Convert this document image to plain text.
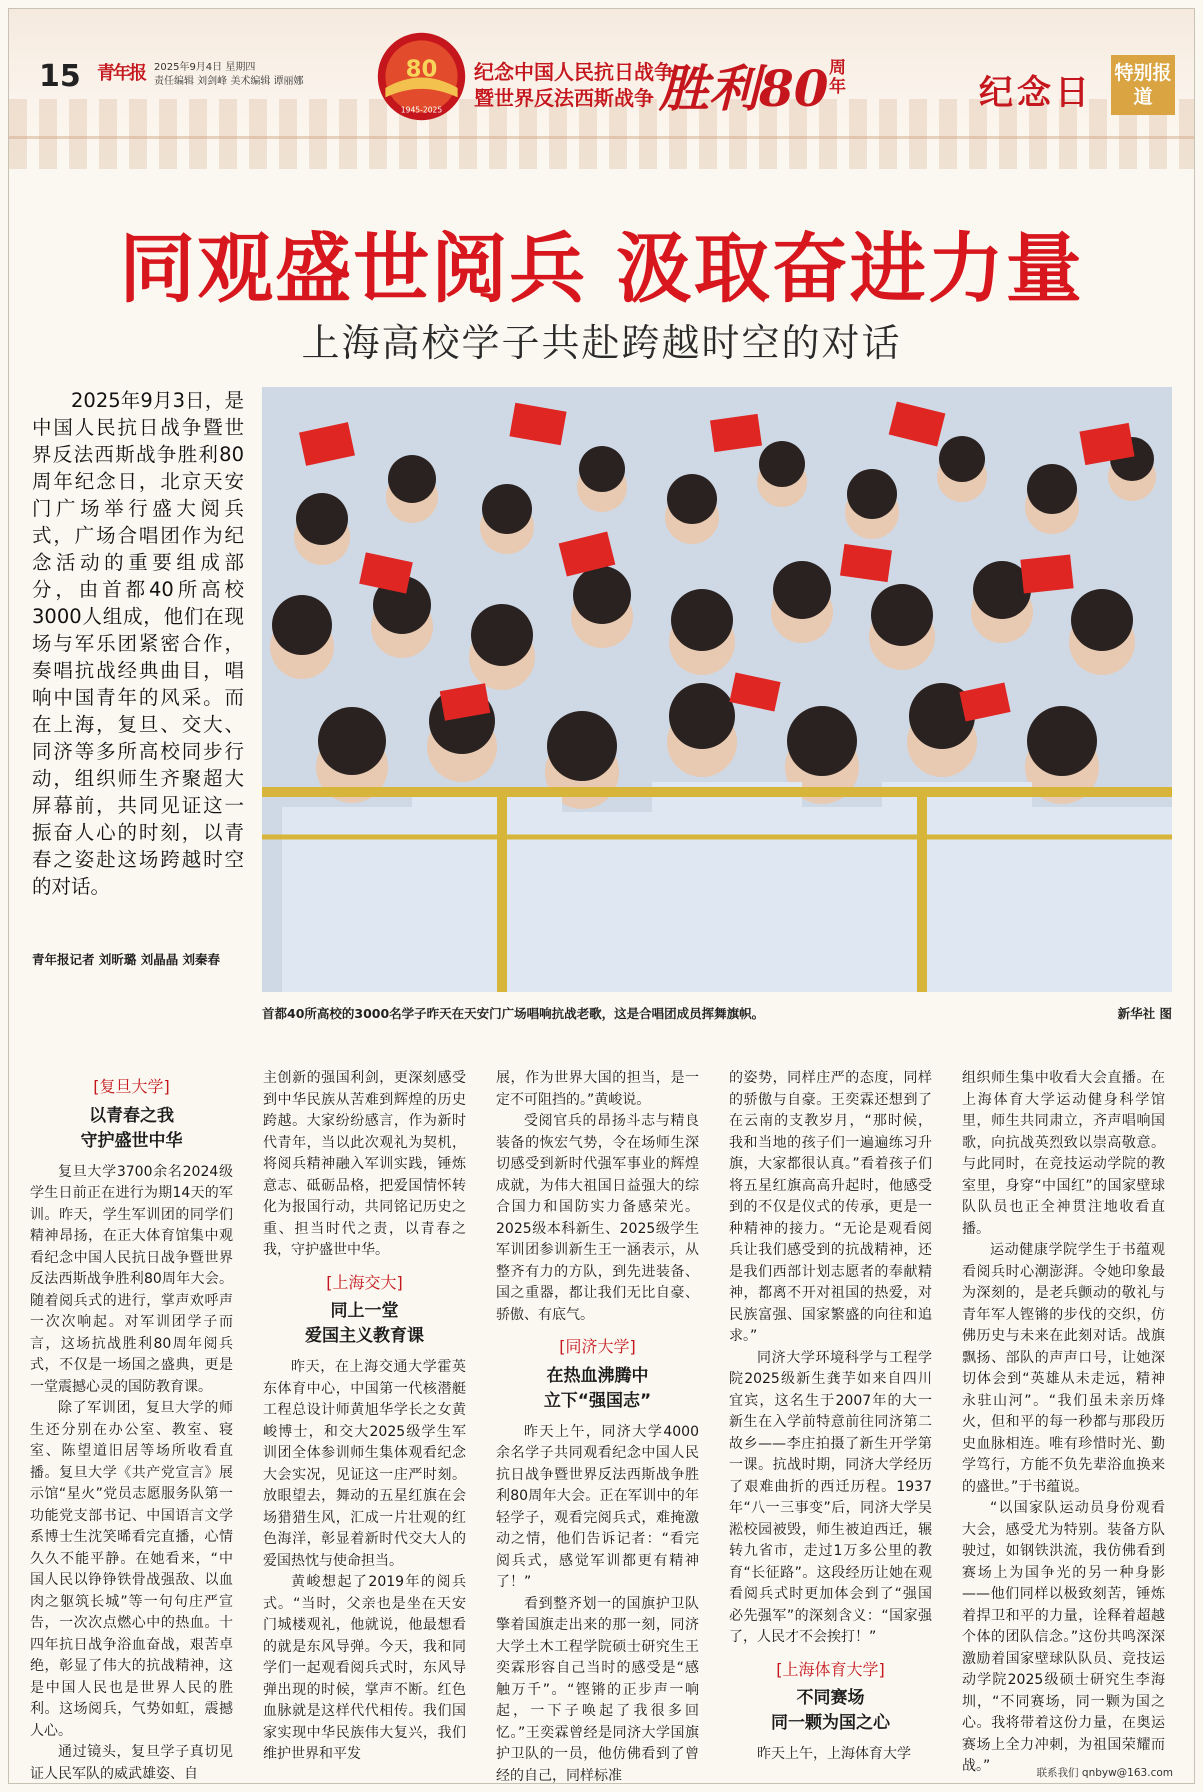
15 青年报 2025年9月4日 星期四
责任编辑 刘剑峰 美术编辑 谭丽娜	80
1945-2025
纪念中国人民抗日战争
暨世界反法西斯战争 胜利80 周年	纪念日 特别报道
同观盛世阅兵 汲取奋进力量
上海高校学子共赴跨越时空的对话

2025年9月3日，是中国人民抗日战争暨世界反法西斯战争胜利80周年纪念日，北京天安门广场举行盛大阅兵式，广场合唱团作为纪念活动的重要组成部分，由首都40所高校3000人组成，他们在现场与军乐团紧密合作，奏唱抗战经典曲目，唱响中国青年的风采。而在上海，复旦、交大、同济等多所高校同步行动，组织师生齐聚超大屏幕前，共同见证这一振奋人心的时刻，以青春之姿赴这场跨越时空的对话。

青年报记者 刘昕璐 刘晶晶 刘秦春
首都40所高校的3000名学子昨天在天安门广场唱响抗战老歌，这是合唱团成员挥舞旗帜。	新华社 图
[复旦大学]
以青春之我
守护盛世中华

复旦大学3700余名2024级学生日前正在进行为期14天的军训。昨天，学生军训团的同学们精神昂扬，在正大体育馆集中观看纪念中国人民抗日战争暨世界反法西斯战争胜利80周年大会。随着阅兵式的进行，掌声欢呼声一次次响起。对军训团学子而言，这场抗战胜利80周年阅兵式，不仅是一场国之盛典，更是一堂震撼心灵的国防教育课。

除了军训团，复旦大学的师生还分别在办公室、教室、寝室、陈望道旧居等场所收看直播。复旦大学《共产党宣言》展示馆“星火”党员志愿服务队第一功能党支部书记、中国语言文学系博士生沈笑晞看完直播，心情久久不能平静。在她看来，“中国人民以铮铮铁骨战强敌、以血肉之躯筑长城”等一句句庄严宣告，一次次点燃心中的热血。十四年抗日战争浴血奋战，艰苦卓绝，彰显了伟大的抗战精神，这是中国人民也是世界人民的胜利。这场阅兵，气势如虹，震撼人心。

通过镜头，复旦学子真切见证人民军队的威武雄姿、自

主创新的强国利剑，更深刻感受到中华民族从苦难到辉煌的历史跨越。大家纷纷感言，作为新时代青年，当以此次观礼为契机，将阅兵精神融入军训实践，锤炼意志、砥砺品格，把爱国情怀转化为报国行动，共同铭记历史之重、担当时代之责，以青春之我，守护盛世中华。

[上海交大]
同上一堂
爱国主义教育课

昨天，在上海交通大学霍英东体育中心，中国第一代核潜艇工程总设计师黄旭华学长之女黄峻博士，和交大2025级学生军训团全体参训师生集体观看纪念大会实况，见证这一庄严时刻。放眼望去，舞动的五星红旗在会场猎猎生风，汇成一片壮观的红色海洋，彰显着新时代交大人的爱国热忱与使命担当。

黄峻想起了2019年的阅兵式。“当时，父亲也是坐在天安门城楼观礼，他就说，他最想看的就是东风导弹。今天，我和同学们一起观看阅兵式时，东风导弹出现的时候，掌声不断。红色血脉就是这样代代相传。我们国家实现中华民族伟大复兴，我们维护世界和平发

展，作为世界大国的担当，是一定不可阻挡的。”黄峻说。

受阅官兵的昂扬斗志与精良装备的恢宏气势，令在场师生深切感受到新时代强军事业的辉煌成就，为伟大祖国日益强大的综合国力和国防实力备感荣光。2025级本科新生、2025级学生军训团参训新生王一涵表示，从整齐有力的方队，到先进装备、国之重器，都让我们无比自豪、骄傲、有底气。

[同济大学]
在热血沸腾中
立下“强国志”

昨天上午，同济大学4000余名学子共同观看纪念中国人民抗日战争暨世界反法西斯战争胜利80周年大会。正在军训中的年轻学子，观看完阅兵式，难掩激动之情，他们告诉记者：“看完阅兵式，感觉军训都更有精神了！”

看到整齐划一的国旗护卫队擎着国旗走出来的那一刻，同济大学土木工程学院硕士研究生王奕霖形容自己当时的感受是“感触万千”。“铿锵的正步声一响起，一下子唤起了我很多回忆。”王奕霖曾经是同济大学国旗护卫队的一员，他仿佛看到了曾经的自己，同样标准

的姿势，同样庄严的态度，同样的骄傲与自豪。王奕霖还想到了在云南的支教岁月，“那时候，我和当地的孩子们一遍遍练习升旗，大家都很认真。”看着孩子们将五星红旗高高升起时，他感受到的不仅是仪式的传承，更是一种精神的接力。“无论是观看阅兵让我们感受到的抗战精神，还是我们西部计划志愿者的奉献精神，都离不开对祖国的热爱，对民族富强、国家繁盛的向往和追求。”

同济大学环境科学与工程学院2025级新生龚芋如来自四川宜宾，这名生于2007年的大一新生在入学前特意前往同济第二故乡——李庄拍摄了新生开学第一课。抗战时期，同济大学经历了艰难曲折的西迁历程。1937年“八一三事变”后，同济大学吴淞校园被毁，师生被迫西迁，辗转九省市，走过1万多公里的教育“长征路”。这段经历让她在观看阅兵式时更加体会到了“强国必先强军”的深刻含义：“国家强了，人民才不会挨打！”

[上海体育大学]
不同赛场
同一颗为国之心

昨天上午，上海体育大学

组织师生集中收看大会直播。在上海体育大学运动健身科学馆里，师生共同肃立，齐声唱响国歌，向抗战英烈致以崇高敬意。与此同时，在竞技运动学院的教室里，身穿“中国红”的国家壁球队队员也正全神贯注地收看直播。

运动健康学院学生于书蕴观看阅兵时心潮澎湃。令她印象最为深刻的，是老兵颤动的敬礼与青年军人铿锵的步伐的交织，仿佛历史与未来在此刻对话。战旗飘扬、部队的声声口号，让她深切体会到“英雄从未走远，精神永驻山河”。“我们虽未亲历烽火，但和平的每一秒都与那段历史血脉相连。唯有珍惜时光、勤学笃行，方能不负先辈浴血换来的盛世。”于书蕴说。

“以国家队运动员身份观看大会，感受尤为特别。装备方队驶过，如钢铁洪流，我仿佛看到赛场上为国争光的另一种身影——他们同样以极致刻苦，锤炼着捍卫和平的力量，诠释着超越个体的团队信念。”这份共鸣深深激励着国家壁球队队员、竞技运动学院2025级硕士研究生李海圳，“不同赛场，同一颗为国之心。我将带着这份力量，在奥运赛场上全力冲刺，为祖国荣耀而战。”	联系我们 qnbyw@163.com
